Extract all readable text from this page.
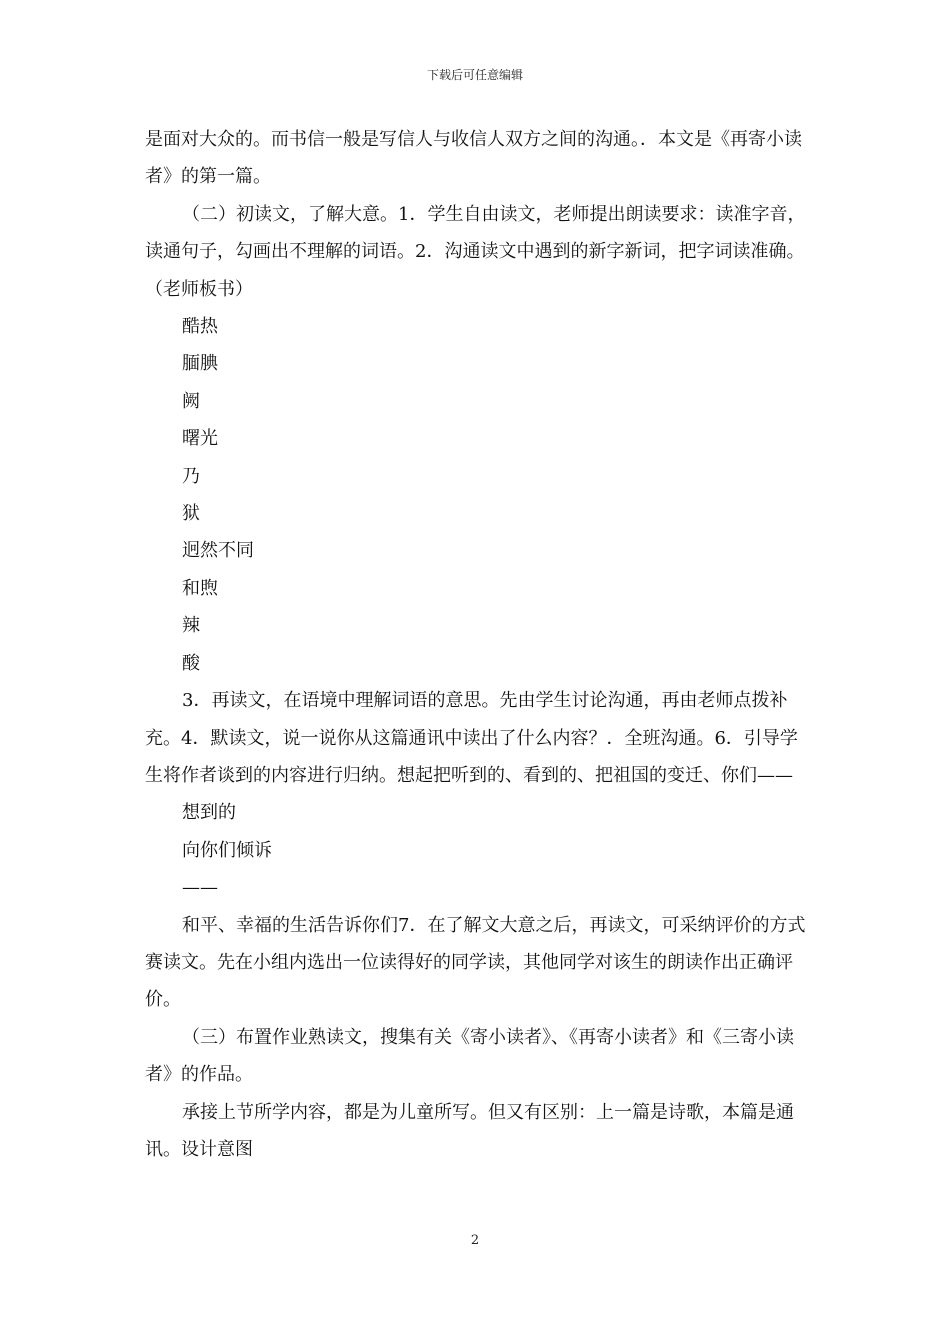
下载后可任意编辑

是面对大众的。而书信一般是写信人与收信人双方之间的沟通。．本文是《再寄小读者》的第一篇。

（二）初读文，了解大意。1．学生自由读文，老师提出朗读要求：读准字音，读通句子，勾画出不理解的词语。2．沟通读文中遇到的新字新词，把字词读准确。（老师板书）

酷热
腼腆
阙
曙光
乃
狱
迥然不同
和煦
辣
酸

3．再读文，在语境中理解词语的意思。先由学生讨论沟通，再由老师点拨补充。4．默读文，说一说你从这篇通讯中读出了什么内容？．全班沟通。6．引导学生将作者谈到的内容进行归纳。想起把听到的、看到的、把祖国的变迁、你们——

想到的

向你们倾诉

——

和平、幸福的生活告诉你们7．在了解文大意之后，再读文，可采纳评价的方式赛读文。先在小组内选出一位读得好的同学读，其他同学对该生的朗读作出正确评价。

（三）布置作业熟读文，搜集有关《寄小读者》、《再寄小读者》和《三寄小读者》的作品。

承接上节所学内容，都是为儿童所写。但又有区别：上一篇是诗歌，本篇是通讯。设计意图

2
